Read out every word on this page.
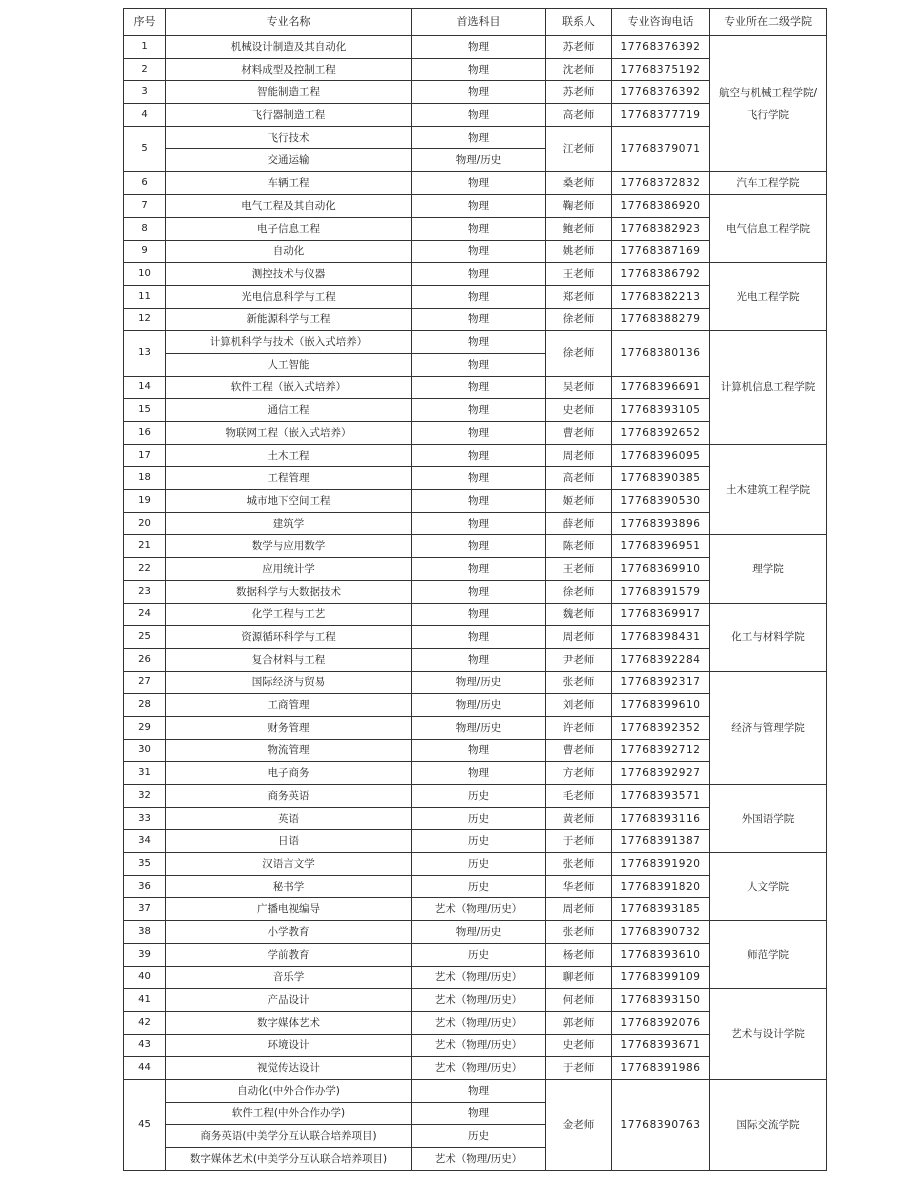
序号	专业名称	首选科目	联系人	专业咨询电话	专业所在二级学院
1	机械设计制造及其自动化	物理	苏老师	17768376392	航空与机械工程学院/飞行学院
2	材料成型及控制工程	物理	沈老师	17768375192	
3	智能制造工程	物理	苏老师	17768376392	
4	飞行器制造工程	物理	高老师	17768377719	
5	飞行技术	物理	江老师	17768379071	
	交通运输	物理/历史			
6	车辆工程	物理	桑老师	17768372832	汽车工程学院
7	电气工程及其自动化	物理	鞠老师	17768386920	电气信息工程学院
8	电子信息工程	物理	鲍老师	17768382923	
9	自动化	物理	姚老师	17768387169	
10	测控技术与仪器	物理	王老师	17768386792	光电工程学院
11	光电信息科学与工程	物理	郑老师	17768382213	
12	新能源科学与工程	物理	徐老师	17768388279	
13	计算机科学与技术（嵌入式培养）	物理	徐老师	17768380136	计算机信息工程学院
	人工智能	物理			
14	软件工程（嵌入式培养）	物理	吴老师	17768396691	
15	通信工程	物理	史老师	17768393105	
16	物联网工程（嵌入式培养）	物理	曹老师	17768392652	
17	土木工程	物理	周老师	17768396095	土木建筑工程学院
18	工程管理	物理	高老师	17768390385	
19	城市地下空间工程	物理	姬老师	17768390530	
20	建筑学	物理	薛老师	17768393896	
21	数学与应用数学	物理	陈老师	17768396951	理学院
22	应用统计学	物理	王老师	17768369910	
23	数据科学与大数据技术	物理	徐老师	17768391579	
24	化学工程与工艺	物理	魏老师	17768369917	化工与材料学院
25	资源循环科学与工程	物理	周老师	17768398431	
26	复合材料与工程	物理	尹老师	17768392284	
27	国际经济与贸易	物理/历史	张老师	17768392317	经济与管理学院
28	工商管理	物理/历史	刘老师	17768399610	
29	财务管理	物理/历史	许老师	17768392352	
30	物流管理	物理	曹老师	17768392712	
31	电子商务	物理	方老师	17768392927	
32	商务英语	历史	毛老师	17768393571	外国语学院
33	英语	历史	黄老师	17768393116	
34	日语	历史	于老师	17768391387	
35	汉语言文学	历史	张老师	17768391920	人文学院
36	秘书学	历史	华老师	17768391820	
37	广播电视编导	艺术（物理/历史）	周老师	17768393185	
38	小学教育	物理/历史	张老师	17768390732	师范学院
39	学前教育	历史	杨老师	17768393610	
40	音乐学	艺术（物理/历史）	聊老师	17768399109	
41	产品设计	艺术（物理/历史）	何老师	17768393150	艺术与设计学院
42	数字媒体艺术	艺术（物理/历史）	郭老师	17768392076	
43	环境设计	艺术（物理/历史）	史老师	17768393671	
44	视觉传达设计	艺术（物理/历史）	于老师	17768391986	
45	自动化(中外合作办学)	物理	金老师	17768390763	国际交流学院
	软件工程(中外合作办学)	物理			
	商务英语(中美学分互认联合培养项目)	历史			
	数字媒体艺术(中美学分互认联合培养项目)	艺术（物理/历史）			
